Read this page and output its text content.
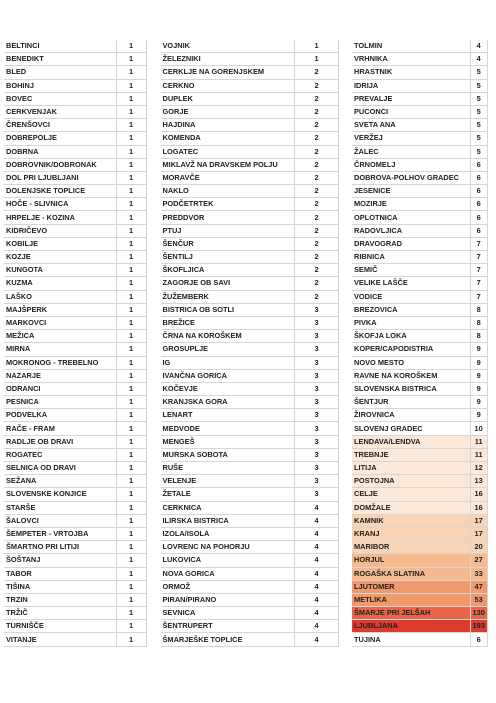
BELTINCI	1
BENEDIKT	1
BLED	1
BOHINJ	1
BOVEC	1
CERKVENJAK	1
ČRENŠOVCI	1
DOBREPOLJE	1
DOBRNA	1
DOBROVNIK/DOBRONAK	1
DOL PRI LJUBLJANI	1
DOLENJSKE TOPLICE	1
HOČE - SLIVNICA	1
HRPELJE - KOZINA	1
KIDRIČEVO	1
KOBILJE	1
KOZJE	1
KUNGOTA	1
KUZMA	1
LAŠKO	1
MAJŠPERK	1
MARKOVCI	1
MEŽICA	1
MIRNA	1
MOKRONOG - TREBELNO	1
NAZARJE	1
ODRANCI	1
PESNICA	1
PODVELKA	1
RAČE - FRAM	1
RADLJE OB DRAVI	1
ROGATEC	1
SELNICA OD DRAVI	1
SEŽANA	1
SLOVENSKE KONJICE	1
STARŠE	1
ŠALOVCI	1
ŠEMPETER - VRTOJBA	1
ŠMARTNO PRI LITIJI	1
ŠOŠTANJ	1
TABOR	1
TIŠINA	1
TRZIN	1
TRŽIČ	1
TURNIŠČE	1
VITANJE	1
VOJNIK	1
ŽELEZNIKI	1
CERKLJE NA GORENJSKEM	2
CERKNO	2
DUPLEK	2
GORJE	2
HAJDINA	2
KOMENDA	2
LOGATEC	2
MIKLAVŽ NA DRAVSKEM POLJU	2
MORAVČE	2
NAKLO	2
PODČETRTEK	2
PREDDVOR	2
PTUJ	2
ŠENČUR	2
ŠENTILJ	2
ŠKOFLJICA	2
ZAGORJE OB SAVI	2
ŽUŽEMBERK	2
BISTRICA OB SOTLI	3
BREŽICE	3
ČRNA NA KOROŠKEM	3
GROSUPLJE	3
IG	3
IVANČNA GORICA	3
KOČEVJE	3
KRANJSKA GORA	3
LENART	3
MEDVODE	3
MENGEŠ	3
MURSKA SOBOTA	3
RUŠE	3
VELENJE	3
ŽETALE	3
CERKNICA	4
ILIRSKA BISTRICA	4
IZOLA/ISOLA	4
LOVRENC NA POHORJU	4
LUKOVICA	4
NOVA GORICA	4
ORMOŽ	4
PIRAN/PIRANO	4
SEVNICA	4
ŠENTRUPERT	4
ŠMARJEŠKE TOPLICE	4
TOLMIN	4
VRHNIKA	4
HRASTNIK	5
IDRIJA	5
PREVALJE	5
PUCONCI	5
SVETA ANA	5
VERŽEJ	5
ŽALEC	5
ČRNOMELJ	6
DOBROVA-POLHOV GRADEC	6
JESENICE	6
MOZIRJE	6
OPLOTNICA	6
RADOVLJICA	6
DRAVOGRAD	7
RIBNICA	7
SEMIČ	7
VELIKE LAŠČE	7
VODICE	7
BREZOVICA	8
PIVKA	8
ŠKOFJA LOKA	8
KOPER/CAPODISTRIA	9
NOVO MESTO	9
RAVNE NA KOROŠKEM	9
SLOVENSKA BISTRICA	9
ŠENTJUR	9
ŽIROVNICA	9
SLOVENJ GRADEC	10
LENDAVA/LENDVA	11
TREBNJE	11
LITIJA	12
POSTOJNA	13
CELJE	16
DOMŽALE	16
KAMNIK	17
KRANJ	17
MARIBOR	20
HORJUL	27
ROGAŠKA SLATINA	33
LJUTOMER	47
METLIKA	53
ŠMARJE PRI JELŠAH	130
LJUBLJANA	193
TUJINA	6
